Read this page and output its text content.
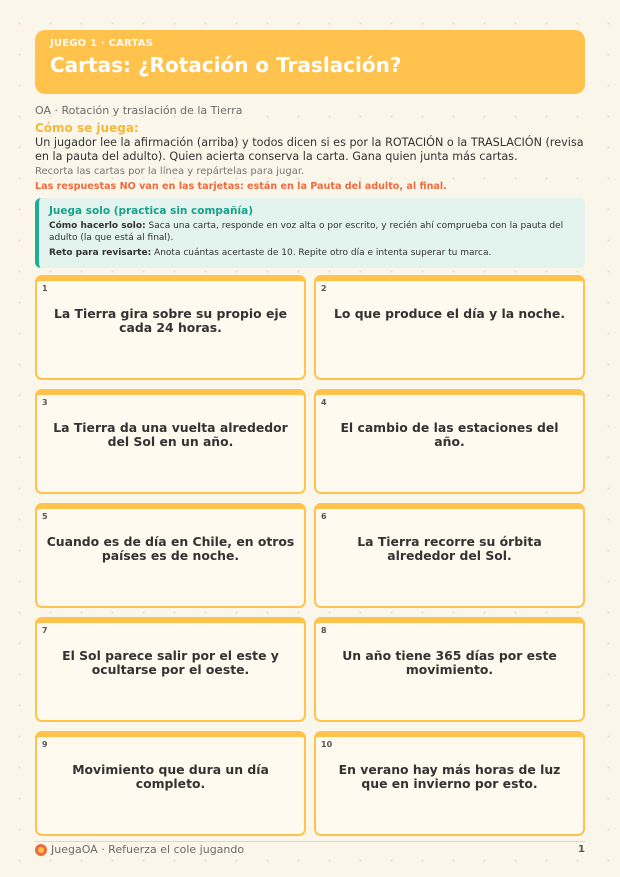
JUEGO 1 · CARTAS
Cartas: ¿Rotación o Traslación?
OA · Rotación y traslación de la Tierra
Cómo se juega:
Un jugador lee la afirmación (arriba) y todos dicen si es por la ROTACIÓN o la TRASLACIÓN (revisa en la pauta del adulto). Quien acierta conserva la carta. Gana quien junta más cartas.
Recorta las cartas por la línea y repártelas para jugar.
Las respuestas NO van en las tarjetas: están en la Pauta del adulto, al final.
Juega solo (practica sin compañía)
Cómo hacerlo solo: Saca una carta, responde en voz alta o por escrito, y recién ahí comprueba con la pauta del adulto (la que está al final).
Reto para revisarte: Anota cuántas acertaste de 10. Repite otro día e intenta superar tu marca.
1
La Tierra gira sobre su propio eje cada 24 horas.
2
Lo que produce el día y la noche.
3
La Tierra da una vuelta alrededor del Sol en un año.
4
El cambio de las estaciones del año.
5
Cuando es de día en Chile, en otros países es de noche.
6
La Tierra recorre su órbita alrededor del Sol.
7
El Sol parece salir por el este y ocultarse por el oeste.
8
Un año tiene 365 días por este movimiento.
9
Movimiento que dura un día completo.
10
En verano hay más horas de luz que en invierno por esto.
JuegaOA · Refuerza el cole jugando	1
